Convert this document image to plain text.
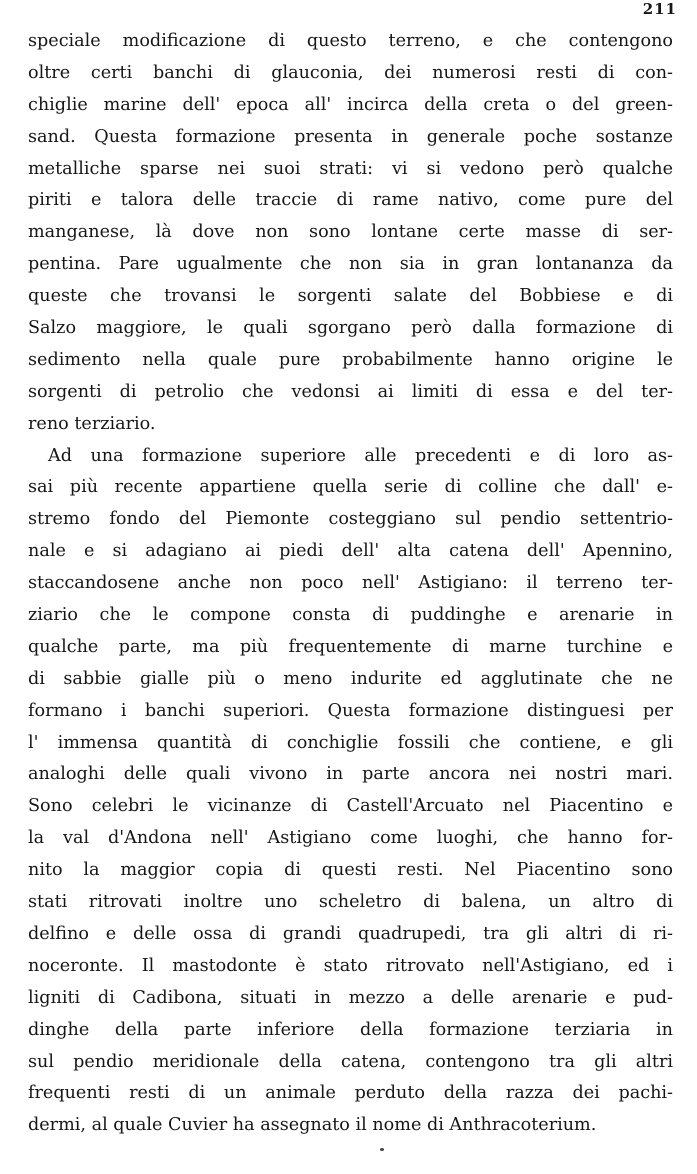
211
speciale modificazione di questo terreno, e che contengono
oltre certi banchi di glauconia, dei numerosi resti di con-
chiglie marine dell' epoca all' incirca della creta o del green-
sand. Questa formazione presenta in generale poche sostanze
metalliche sparse nei suoi strati: vi si vedono però qualche
piriti e talora delle traccie di rame nativo, come pure del
manganese, là dove non sono lontane certe masse di ser-
pentina. Pare ugualmente che non sia in gran lontananza da
queste che trovansi le sorgenti salate del Bobbiese e di
Salzo maggiore, le quali sgorgano però dalla formazione di
sedimento nella quale pure probabilmente hanno origine le
sorgenti di petrolio che vedonsi ai limiti di essa e del ter-
reno terziario.
Ad una formazione superiore alle precedenti e di loro as-
sai più recente appartiene quella serie di colline che dall' e-
stremo fondo del Piemonte costeggiano sul pendio settentrio-
nale e si adagiano ai piedi dell' alta catena dell' Apennino,
staccandosene anche non poco nell' Astigiano: il terreno ter-
ziario che le compone consta di puddinghe e arenarie in
qualche parte, ma più frequentemente di marne turchine e
di sabbie gialle più o meno indurite ed agglutinate che ne
formano i banchi superiori. Questa formazione distinguesi per
l' immensa quantità di conchiglie fossili che contiene, e gli
analoghi delle quali vivono in parte ancora nei nostri mari.
Sono celebri le vicinanze di Castell'Arcuato nel Piacentino e
la val d'Andona nell' Astigiano come luoghi, che hanno for-
nito la maggior copia di questi resti. Nel Piacentino sono
stati ritrovati inoltre uno scheletro di balena, un altro di
delfino e delle ossa di grandi quadrupedi, tra gli altri di ri-
noceronte. Il mastodonte è stato ritrovato nell'Astigiano, ed i
ligniti di Cadibona, situati in mezzo a delle arenarie e pud-
dinghe della parte inferiore della formazione terziaria in
sul pendio meridionale della catena, contengono tra gli altri
frequenti resti di un animale perduto della razza dei pachi-
dermi, al quale Cuvier ha assegnato il nome di Anthracoterium.
